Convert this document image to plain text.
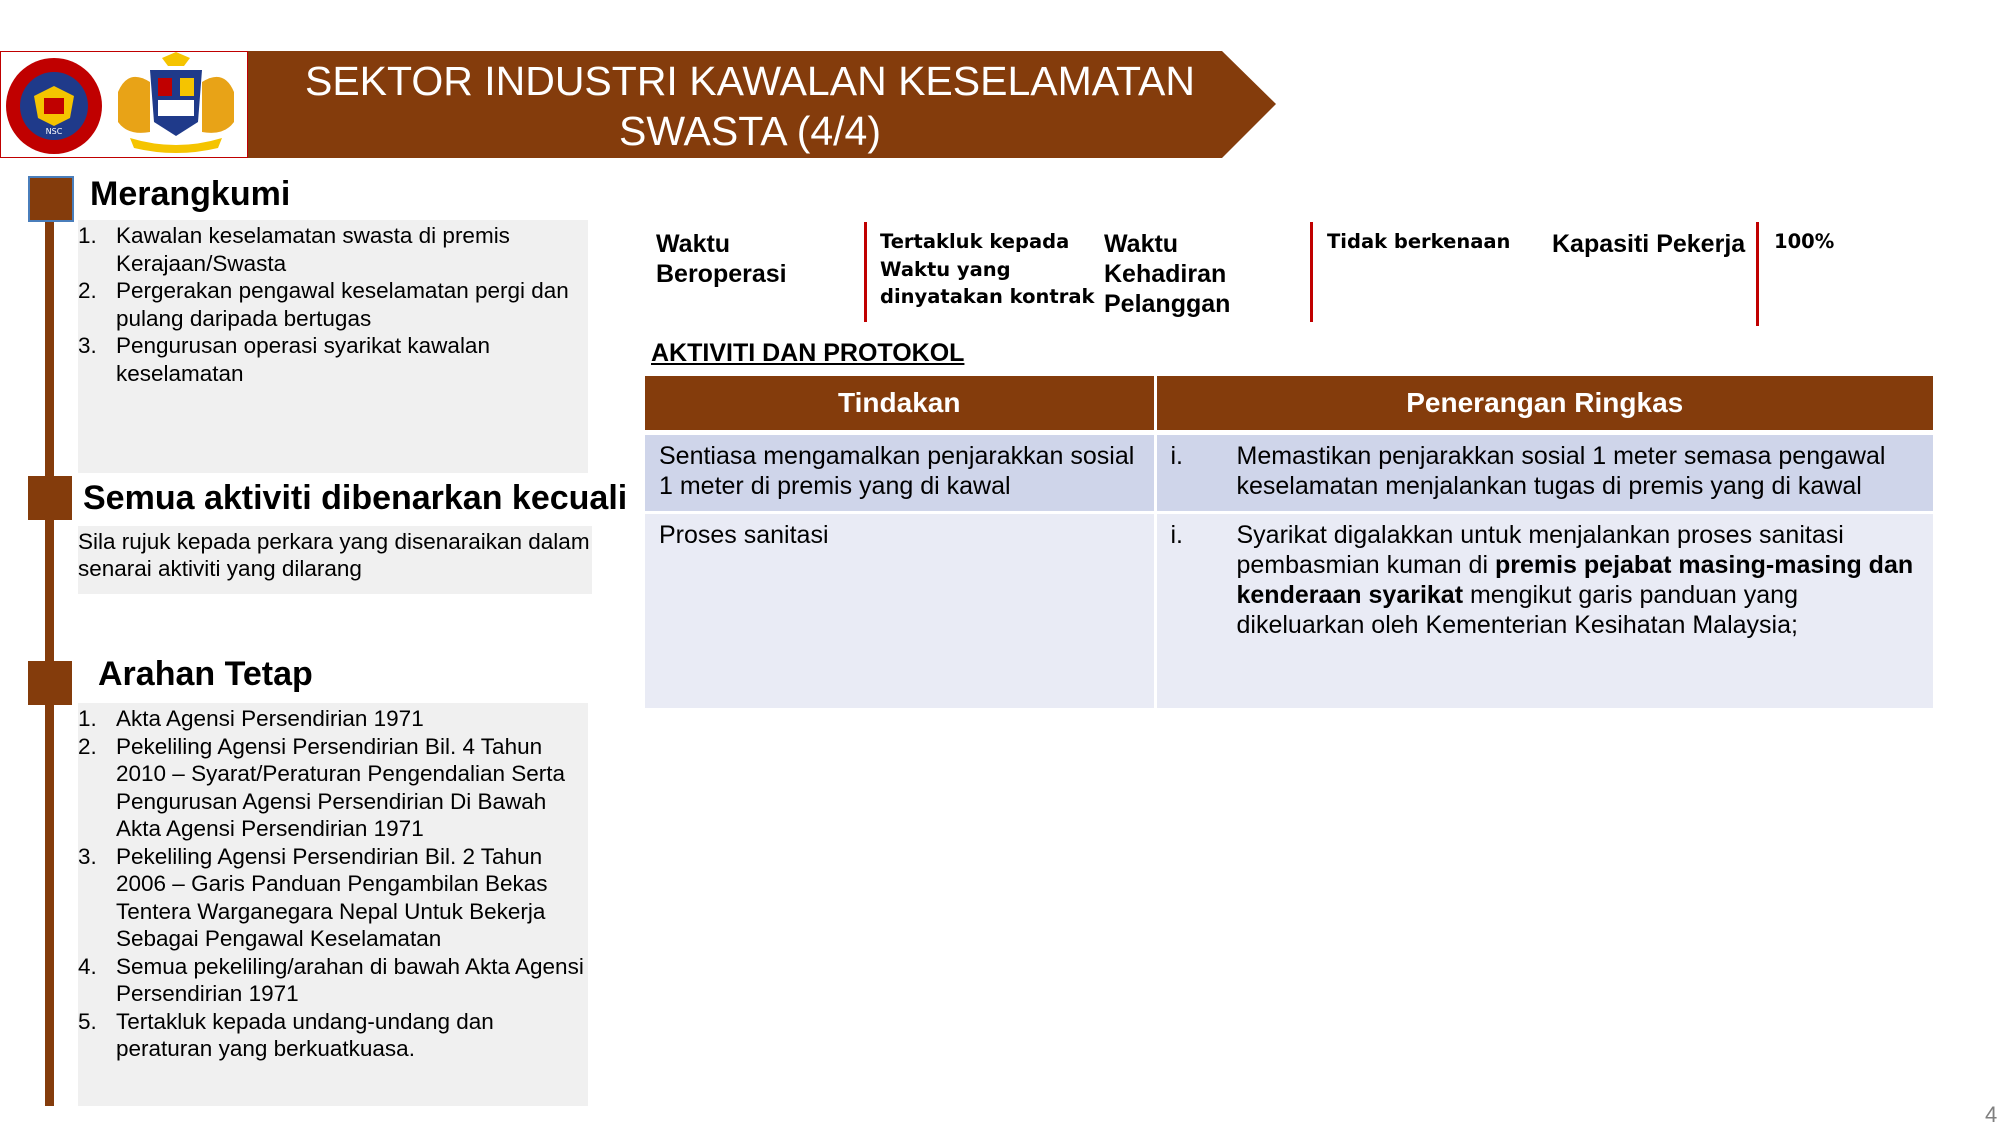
NSC
SEKTOR INDUSTRI KAWALAN KESELAMATAN
SWASTA (4/4)
Merangkumi
1. Kawalan keselamatan swasta di premis Kerajaan/Swasta
2. Pergerakan pengawal keselamatan pergi dan pulang daripada bertugas
3. Pengurusan operasi syarikat kawalan keselamatan
Semua aktiviti dibenarkan kecuali
Sila rujuk kepada perkara yang disenaraikan dalam senarai aktiviti yang dilarang
Arahan Tetap
1. Akta Agensi Persendirian 1971
2. Pekeliling Agensi Persendirian Bil. 4 Tahun 2010 – Syarat/Peraturan Pengendalian Serta Pengurusan Agensi Persendirian Di Bawah Akta Agensi Persendirian 1971
3. Pekeliling Agensi Persendirian Bil. 2 Tahun 2006 – Garis Panduan Pengambilan Bekas Tentera Warganegara Nepal Untuk Bekerja Sebagai Pengawal Keselamatan
4. Semua pekeliling/arahan di bawah Akta Agensi Persendirian 1971
5. Tertakluk kepada undang-undang dan peraturan yang berkuatkuasa.
Waktu
Beroperasi
Tertakluk kepada
Waktu yang
dinyatakan kontrak
Waktu
Kehadiran
Pelanggan
Tidak berkenaan Kapasiti Pekerja 100%
AKTIVITI DAN PROTOKOL
Tindakan	Penerangan Ringkas
Sentiasa mengamalkan penjarakkan sosial 1 meter di premis yang di kawal	i. Memastikan penjarakkan sosial 1 meter semasa pengawal keselamatan menjalankan tugas di premis yang di kawal

Proses sanitasi	i. Syarikat digalakkan untuk menjalankan proses sanitasi pembasmian kuman di premis pejabat masing-masing dan kenderaan syarikat mengikut garis panduan yang dikeluarkan oleh Kementerian Kesihatan Malaysia;
4
